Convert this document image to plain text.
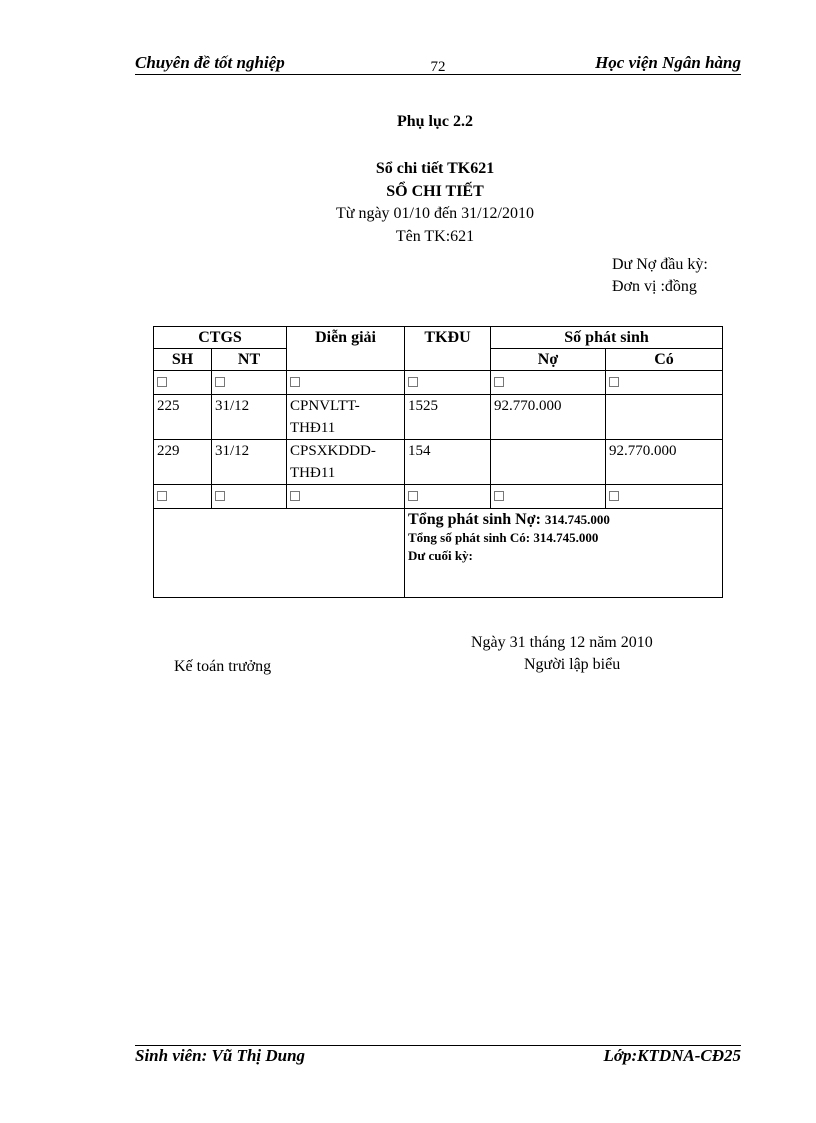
Chuyên đề tốt nghiệp	72	Học viện Ngân hàng
Phụ lục 2.2
Sổ chi tiết TK621
SỔ CHI TIẾT
Từ ngày 01/10 đến 31/12/2010
Tên TK:621
Dư Nợ đầu kỳ:
Đơn vị :đồng
CTGS		Diễn giải	TKĐU	Số phát sinh	
SH	NT			Nợ	Có

225	31/12	CPNVLTT-THĐ11	1525	92.770.000	
229	31/12	CPSXKDDD-THĐ11	154		92.770.000

			Tổng phát sinh Nợ: 314.745.000
Tổng số phát sinh Có: 314.745.000
Dư cuối kỳ:		
Ngày 31 tháng 12 năm 2010
Kế toán trưởng	Người lập biểu
Sinh viên: Vũ Thị Dung	Lớp:KTDNA-CĐ25
